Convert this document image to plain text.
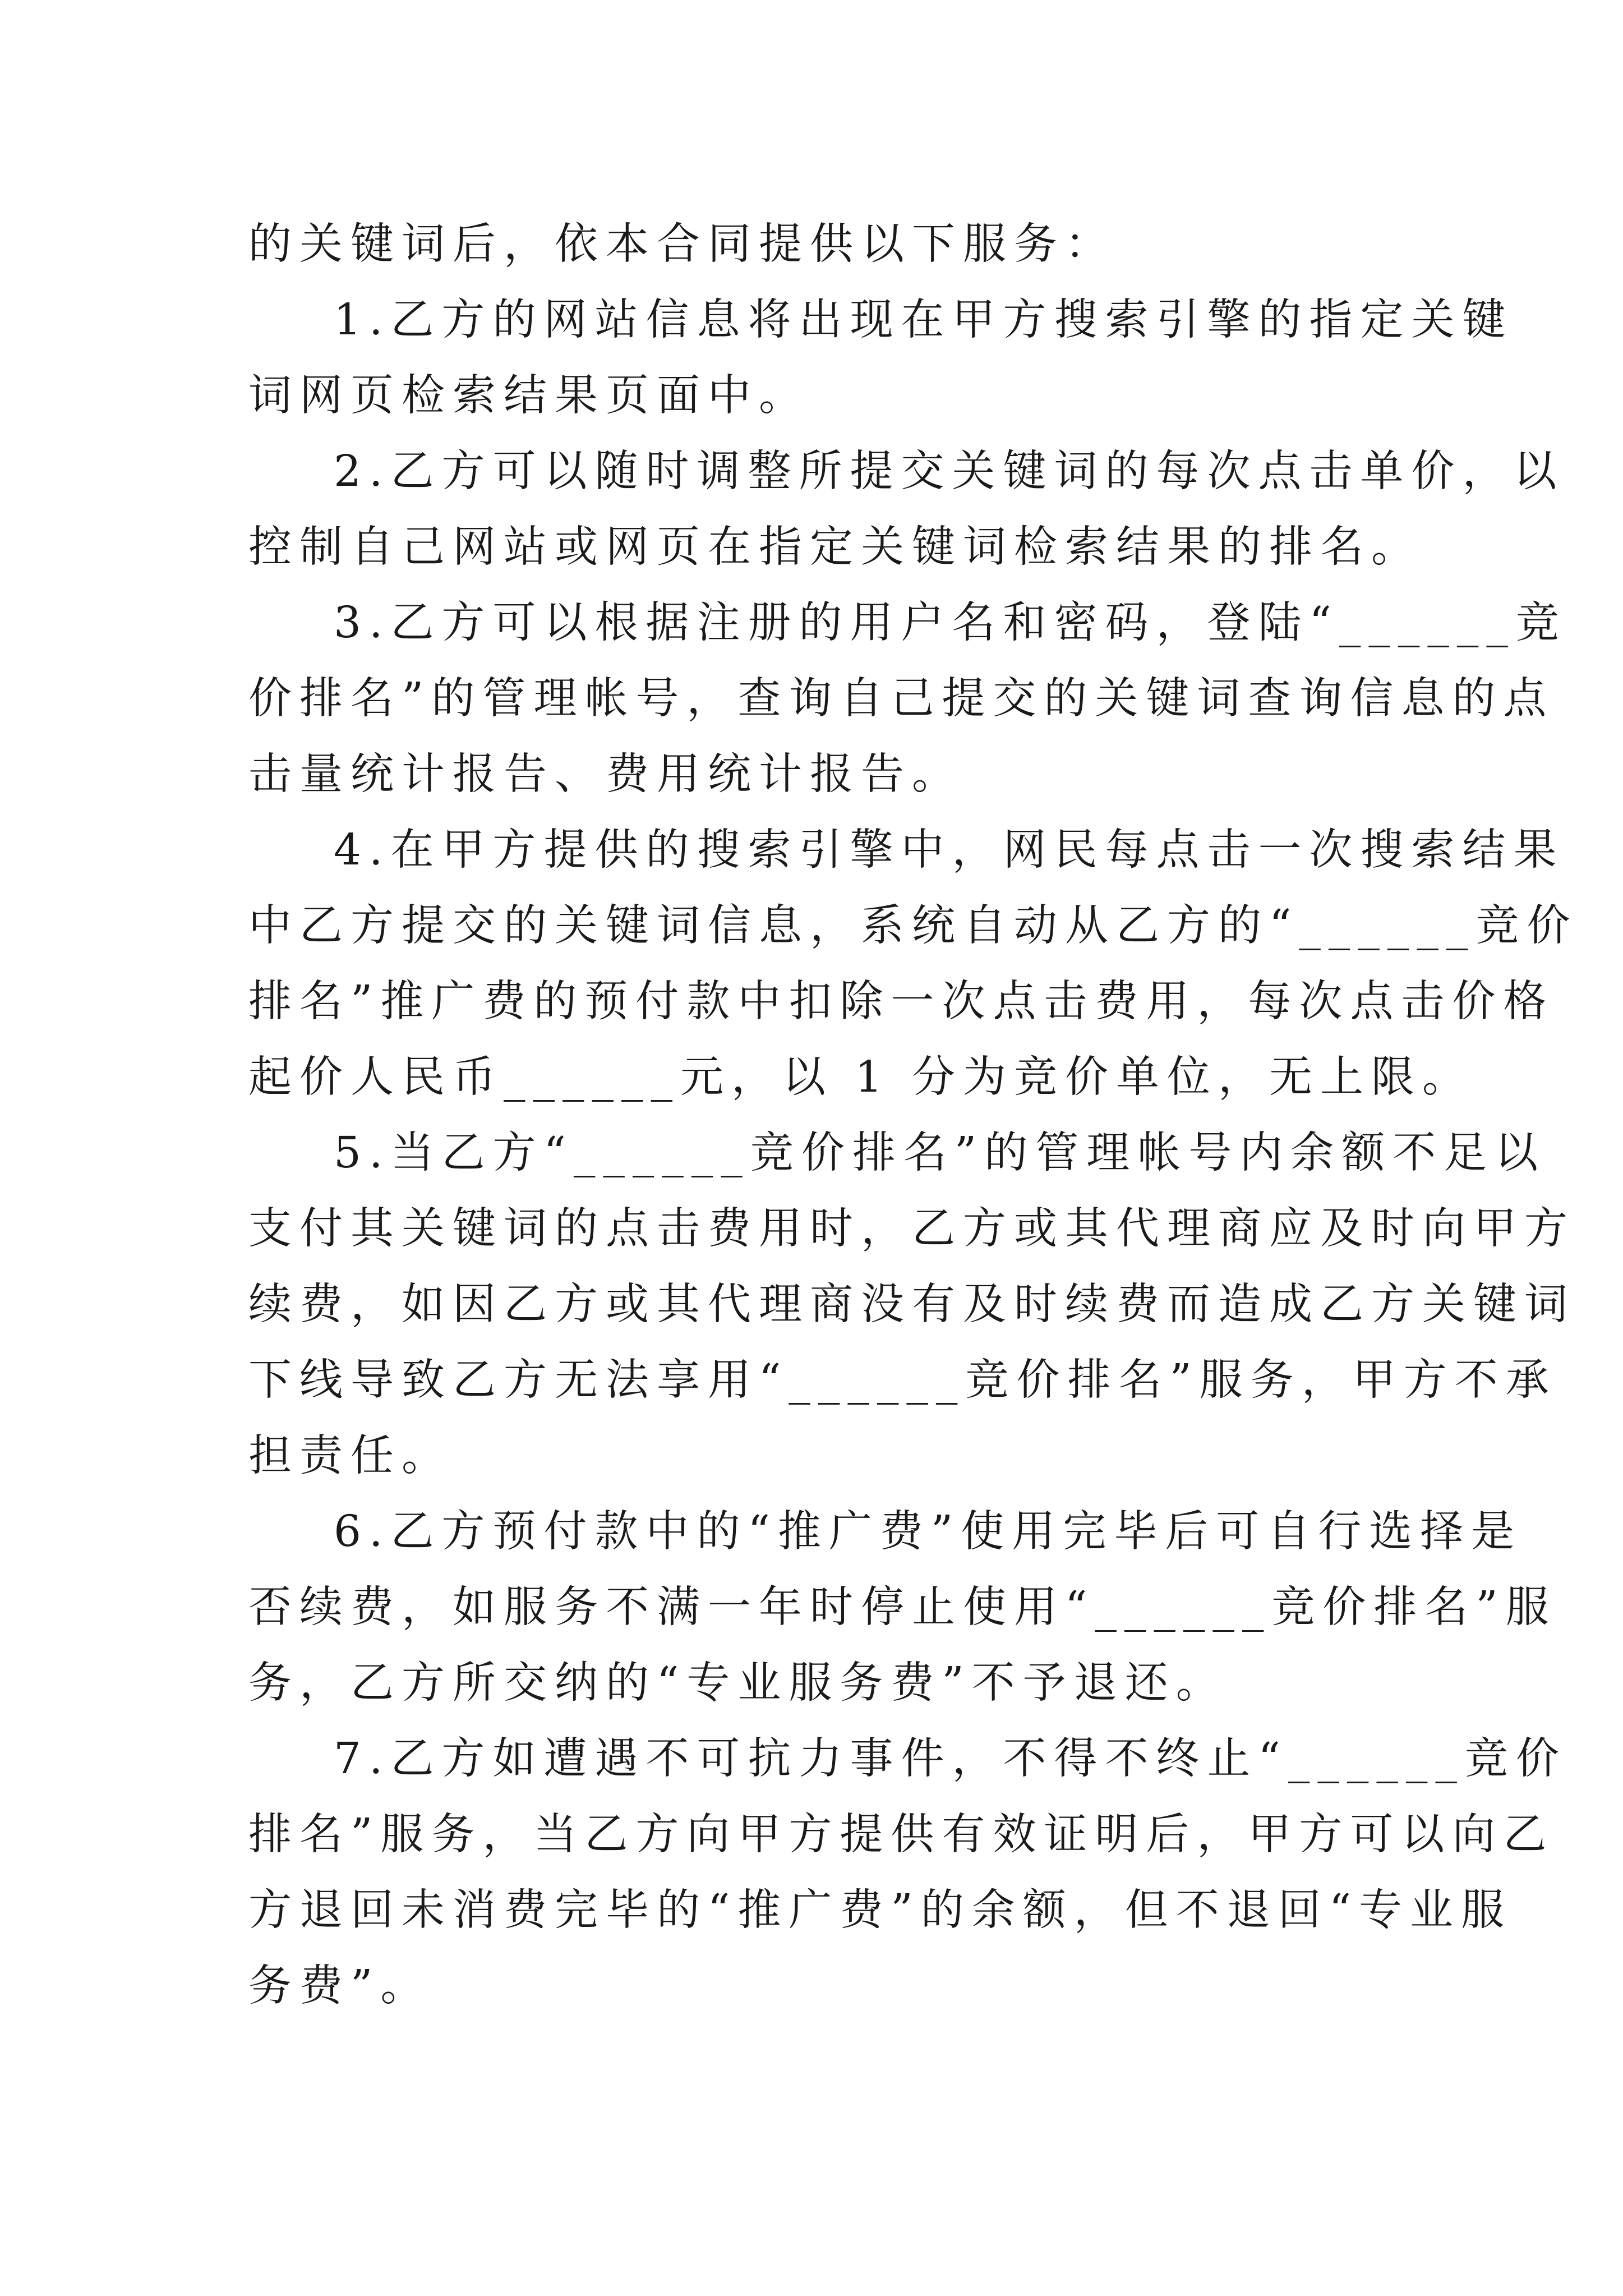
的关键词后，依本合同提供以下服务：
1.乙方的网站信息将出现在甲方搜索引擎的指定关键
词网页检索结果页面中。
2.乙方可以随时调整所提交关键词的每次点击单价，以
控制自己网站或网页在指定关键词检索结果的排名。
3.乙方可以根据注册的用户名和密码，登陆“______竞
价排名”的管理帐号，查询自己提交的关键词查询信息的点
击量统计报告、费用统计报告。
4.在甲方提供的搜索引擎中，网民每点击一次搜索结果
中乙方提交的关键词信息，系统自动从乙方的“______竞价
排名”推广费的预付款中扣除一次点击费用，每次点击价格
起价人民币______元，以 1 分为竞价单位，无上限。
5.当乙方“______竞价排名”的管理帐号内余额不足以
支付其关键词的点击费用时，乙方或其代理商应及时向甲方
续费，如因乙方或其代理商没有及时续费而造成乙方关键词
下线导致乙方无法享用“______竞价排名”服务，甲方不承
担责任。
6.乙方预付款中的“推广费”使用完毕后可自行选择是
否续费，如服务不满一年时停止使用“______竞价排名”服
务，乙方所交纳的“专业服务费”不予退还。
7.乙方如遭遇不可抗力事件，不得不终止“______竞价
排名”服务，当乙方向甲方提供有效证明后，甲方可以向乙
方退回未消费完毕的“推广费”的余额，但不退回“专业服
务费”。
